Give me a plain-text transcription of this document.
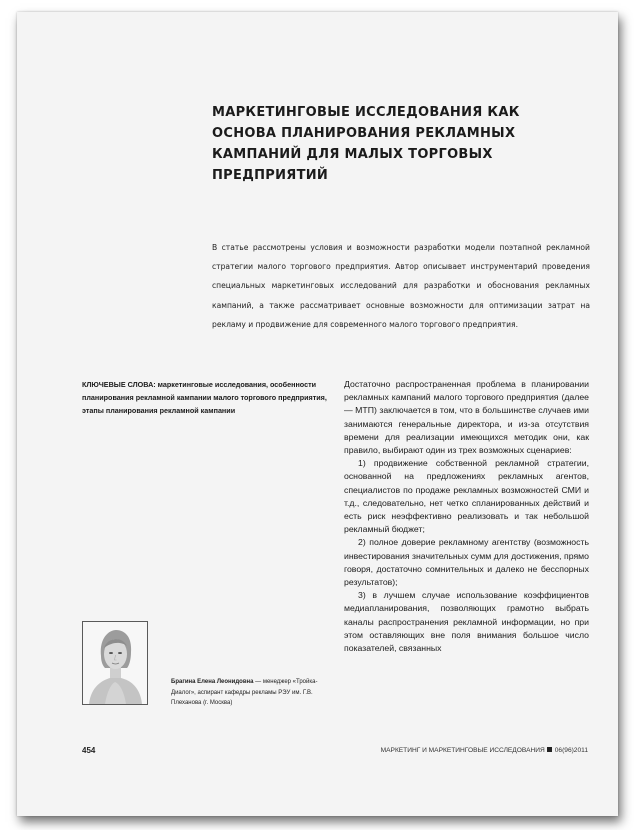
МАРКЕТИНГОВЫЕ ИССЛЕДОВАНИЯ КАК ОСНОВА ПЛАНИРОВАНИЯ РЕКЛАМНЫХ КАМПАНИЙ ДЛЯ МАЛЫХ ТОРГОВЫХ ПРЕДПРИЯТИЙ

В статье рассмотрены условия и возможности разработки модели поэтапной рекламной стратегии малого торгового предприятия. Автор описывает инструментарий проведения специальных маркетинговых исследований для разработки и обоснования рекламных кампаний, а также рассматривает основные возможности для оптимизации затрат на рекламу и продвижение для современного малого торгового предприятия.

КЛЮЧЕВЫЕ СЛОВА: маркетинговые исследования, особенности планирования рекламной кампании малого торгового предприятия, этапы планирования рекламной кампании

Достаточно распространенная проблема в планировании рекламных кампаний малого торгового предприятия (далее — МТП) заключается в том, что в большинстве случаев ими занимаются генеральные директора, и из-за отсутствия времени для реализации имеющихся методик они, как правило, выбирают один из трех возможных сценариев:

1) продвижение собственной рекламной стратегии, основанной на предложениях рекламных агентов, специалистов по продаже рекламных возможностей СМИ и т.д., следовательно, нет четко спланированных действий и есть риск неэффективно реализовать и так небольшой рекламный бюджет;

2) полное доверие рекламному агентству (возможность инвестирования значительных сумм для достижения, прямо говоря, достаточно сомнительных и далеко не бесспорных результатов);

3) в лучшем случае использование коэффициентов медиапланирования, позволяющих грамотно выбрать каналы распространения рекламной информации, но при этом оставляющих вне поля внимания большое число показателей, связанных

Брагина Елена Леонидовна — менеджер «Тройка-Диалог», аспирант кафедры рекламы РЭУ им. Г.В. Плеханова (г. Москва)

454	МАРКЕТИНГ И МАРКЕТИНГОВЫЕ ИССЛЕДОВАНИЯ 06(96)2011
